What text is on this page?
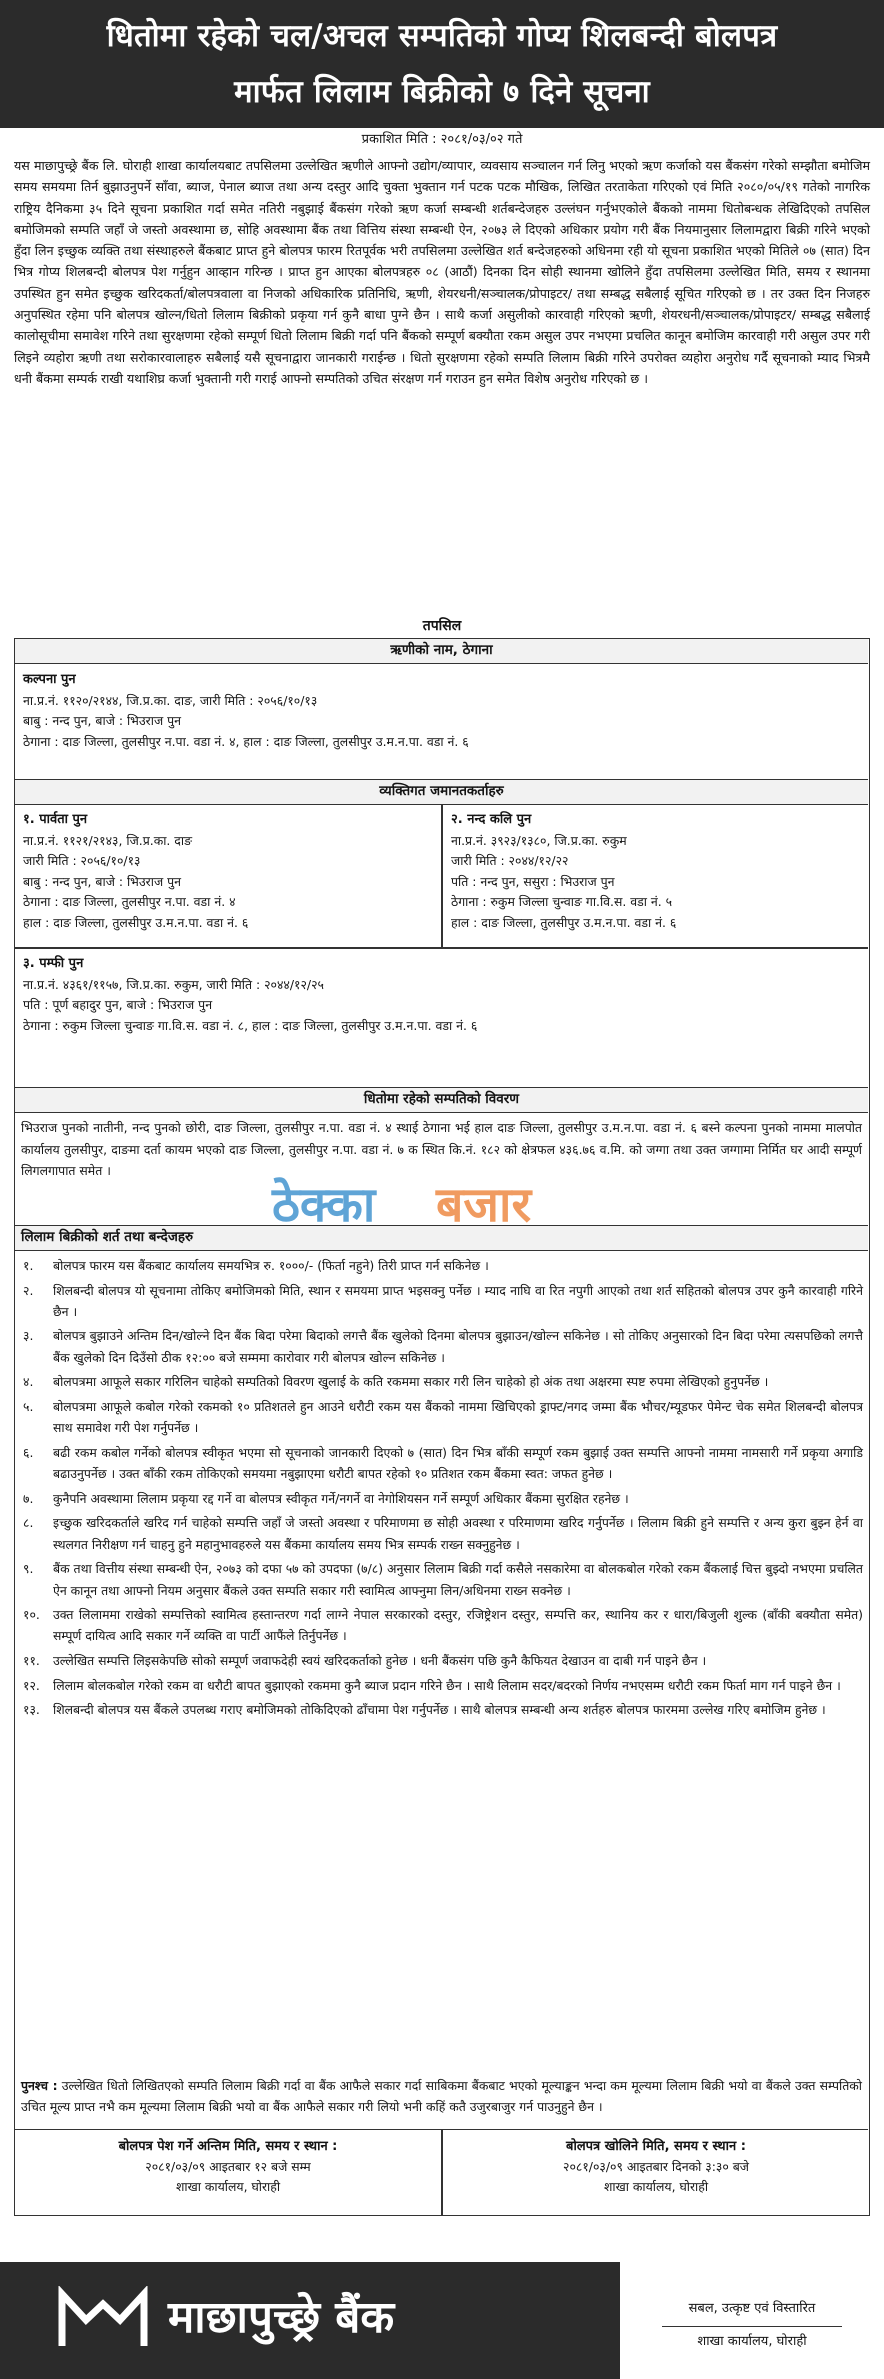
धितोमा रहेको चल/अचल सम्पतिको गोप्य शिलबन्दी बोलपत्र
मार्फत लिलाम बिक्रीको ७ दिने सूचना
प्रकाशित मिति : २०८१/०३/०२ गते

यस माछापुच्छ्रे बैंक लि. घोराही शाखा कार्यालयबाट तपसिलमा उल्लेखित ऋणीले आफ्नो उद्योग/व्यापार, व्यवसाय सञ्चालन गर्न लिनु भएको ऋण कर्जाको यस बैंकसंग गरेको सम्झौता बमोजिम समय समयमा तिर्न बुझाउनुपर्ने साँवा, ब्याज, पेनाल ब्याज तथा अन्य दस्तुर आदि चुक्ता भुक्तान गर्न पटक पटक मौखिक, लिखित तरताकेता गरिएको एवं मिति २०८०/०५/१९ गतेको नागरिक राष्ट्रिय दैनिकमा ३५ दिने सूचना प्रकाशित गर्दा समेत नतिरी नबुझाई बैंकसंग गरेको ऋण कर्जा सम्बन्धी शर्तबन्देजहरु उल्लंघन गर्नुभएकोले बैंकको नाममा धितोबन्धक लेखिदिएको तपसिल बमोजिमको सम्पति जहाँ जे जस्तो अवस्थामा छ, सोहि अवस्थामा बैंक तथा वित्तिय संस्था सम्बन्धी ऐन, २०७३ ले दिएको अधिकार प्रयोग गरी बैंक नियमानुसार लिलामद्वारा बिक्री गरिने भएको हुँदा लिन इच्छुक व्यक्ति तथा संस्थाहरुले बैंकबाट प्राप्त हुने बोलपत्र फारम रितपूर्वक भरी तपसिलमा उल्लेखित शर्त बन्देजहरुको अधिनमा रही यो सूचना प्रकाशित भएको मितिले ०७ (सात) दिन भित्र गोप्य शिलबन्दी बोलपत्र पेश गर्नुहुन आव्हान गरिन्छ । प्राप्त हुन आएका बोलपत्रहरु ०८ (आठौं) दिनका दिन सोही स्थानमा खोलिने हुँदा तपसिलमा उल्लेखित मिति, समय र स्थानमा उपस्थित हुन समेत इच्छुक खरिदकर्ता/बोलपत्रवाला वा निजको अधिकारिक प्रतिनिधि, ऋणी, शेयरधनी/सञ्चालक/प्रोपाइटर/ तथा सम्बद्ध सबैलाई सूचित गरिएको छ । तर उक्त दिन निजहरु अनुपस्थित रहेमा पनि बोलपत्र खोल्न/धितो लिलाम बिक्रीको प्रकृया गर्न कुनै बाधा पुग्ने छैन । साथै कर्जा असुलीको कारवाही गरिएको ऋणी, शेयरधनी/सञ्चालक/प्रोपाइटर/ सम्बद्ध सबैलाई कालोसूचीमा समावेश गरिने तथा सुरक्षणमा रहेको सम्पूर्ण धितो लिलाम बिक्री गर्दा पनि बैंकको सम्पूर्ण बक्यौता रकम असुल उपर नभएमा प्रचलित कानून बमोजिम कारवाही गरी असुल उपर गरी लिइने व्यहोरा ऋणी तथा सरोकारवालाहरु सबैलाई यसै सूचनाद्वारा जानकारी गराईन्छ । धितो सुरक्षणमा रहेको सम्पति लिलाम बिक्री गरिने उपरोक्त व्यहोरा अनुरोध गर्दै सूचनाको म्याद भित्रमै धनी बैंकमा सम्पर्क राखी यथाशिघ्र कर्जा भुक्तानी गरी गराई आफ्नो सम्पतिको उचित संरक्षण गर्न गराउन हुन समेत विशेष अनुरोध गरिएको छ ।

तपसिल
ऋणीको नाम, ठेगाना
कल्पना पुन
ना.प्र.नं. ११२०/२१४४, जि.प्र.का. दाङ, जारी मिति : २०५६/१०/१३
बाबु : नन्द पुन, बाजे : भिउराज पुन
ठेगाना : दाङ जिल्ला, तुलसीपुर न.पा. वडा नं. ४, हाल : दाङ जिल्ला, तुलसीपुर उ.म.न.पा. वडा नं. ६
व्यक्तिगत जमानतकर्ताहरु
१. पार्वता पुन
ना.प्र.नं. ११२१/२१४३, जि.प्र.का. दाङ
जारी मिति : २०५६/१०/१३
बाबु : नन्द पुन, बाजे : भिउराज पुन
ठेगाना : दाङ जिल्ला, तुलसीपुर न.पा. वडा नं. ४
हाल : दाङ जिल्ला, तुलसीपुर उ.म.न.पा. वडा नं. ६
२. नन्द कलि पुन
ना.प्र.नं. ३९२३/१३८०, जि.प्र.का. रुकुम
जारी मिति : २०४४/१२/२२
पति : नन्द पुन, ससुरा : भिउराज पुन
ठेगाना : रुकुम जिल्ला चुन्वाङ गा.वि.स. वडा नं. ५
हाल : दाङ जिल्ला, तुलसीपुर उ.म.न.पा. वडा नं. ६
३. पम्फी पुन
ना.प्र.नं. ४३६१/११५७, जि.प्र.का. रुकुम, जारी मिति : २०४४/१२/२५
पति : पूर्ण बहादुर पुन, बाजे : भिउराज पुन
ठेगाना : रुकुम जिल्ला चुन्वाङ गा.वि.स. वडा नं. ८, हाल : दाङ जिल्ला, तुलसीपुर उ.म.न.पा. वडा नं. ६
धितोमा रहेको सम्पतिको विवरण

भिउराज पुनको नातीनी, नन्द पुनको छोरी, दाङ जिल्ला, तुलसीपुर न.पा. वडा नं. ४ स्थाई ठेगाना भई हाल दाङ जिल्ला, तुलसीपुर उ.म.न.पा. वडा नं. ६ बस्ने कल्पना पुनको नाममा मालपोत कार्यालय तुलसीपुर, दाङमा दर्ता कायम भएको दाङ जिल्ला, तुलसीपुर न.पा. वडा नं. ७ क स्थित कि.नं. १८२ को क्षेत्रफल ४३६.७६ व.मि. को जग्गा तथा उक्त जग्गामा निर्मित घर आदी सम्पूर्ण लिगलगापात समेत ।

लिलाम बिक्रीको शर्त तथा बन्देजहरु
१.	बोलपत्र फारम यस बैंकबाट कार्यालय समयभित्र रु. १०००/- (फिर्ता नहुने) तिरी प्राप्त गर्न सकिनेछ ।
२.	शिलबन्दी बोलपत्र यो सूचनामा तोकिए बमोजिमको मिति, स्थान र समयमा प्राप्त भइसक्नु पर्नेछ । म्याद नाघि वा रित नपुगी आएको तथा शर्त सहितको बोलपत्र उपर कुनै कारवाही गरिने छैन ।
३.	बोलपत्र बुझाउने अन्तिम दिन/खोल्ने दिन बैंक बिदा परेमा बिदाको लगत्तै बैंक खुलेको दिनमा बोलपत्र बुझाउन/खोल्न सकिनेछ । सो तोकिए अनुसारको दिन बिदा परेमा त्यसपछिको लगत्तै बैंक खुलेको दिन दिउँसो ठीक १२:०० बजे सम्ममा कारोवार गरी बोलपत्र खोल्न सकिनेछ ।
४.	बोलपत्रमा आफूले सकार गरिलिन चाहेको सम्पतिको विवरण खुलाई के कति रकममा सकार गरी लिन चाहेको हो अंक तथा अक्षरमा स्पष्ट रुपमा लेखिएको हुनुपर्नेछ ।
५.	बोलपत्रमा आफूले कबोल गरेको रकमको १० प्रतिशतले हुन आउने धरौटी रकम यस बैंकको नाममा खिचिएको ड्राफ्ट/नगद जम्मा बैंक भौचर/म्यूडफर पेमेन्ट चेक समेत शिलबन्दी बोलपत्र साथ समावेश गरी पेश गर्नुपर्नेछ ।
६.	बढी रकम कबोल गर्नेको बोलपत्र स्वीकृत भएमा सो सूचनाको जानकारी दिएको ७ (सात) दिन भित्र बाँकी सम्पूर्ण रकम बुझाई उक्त सम्पत्ति आफ्नो नाममा नामसारी गर्ने प्रकृया अगाडि बढाउनुपर्नेछ । उक्त बाँकी रकम तोकिएको समयमा नबुझाएमा धरौटी बापत रहेको १० प्रतिशत रकम बैंकमा स्वत: जफत हुनेछ ।
७.	कुनैपनि अवस्थामा लिलाम प्रकृया रद्द गर्ने वा बोलपत्र स्वीकृत गर्ने/नगर्ने वा नेगोशियसन गर्ने सम्पूर्ण अधिकार बैंकमा सुरक्षित रहनेछ ।
८.	इच्छुक खरिदकर्ताले खरिद गर्न चाहेको सम्पत्ति जहाँ जे जस्तो अवस्था र परिमाणमा छ सोही अवस्था र परिमाणमा खरिद गर्नुपर्नेछ । लिलाम बिक्री हुने सम्पत्ति र अन्य कुरा बुझ्न हेर्न वा स्थलगत निरीक्षण गर्न चाहनु हुने महानुभावहरुले यस बैंकमा कार्यालय समय भित्र सम्पर्क राख्न सक्नुहुनेछ ।
९.	बैंक तथा वित्तीय संस्था सम्बन्धी ऐन, २०७३ को दफा ५७ को उपदफा (७/८) अनुसार लिलाम बिक्री गर्दा कसैले नसकारेमा वा बोलकबोल गरेको रकम बैंकलाई चित्त बुझ्दो नभएमा प्रचलित ऐन कानून तथा आफ्नो नियम अनुसार बैंकले उक्त सम्पति सकार गरी स्वामित्व आफ्नुमा लिन/अधिनमा राख्न सक्नेछ ।
१०.	उक्त लिलाममा राखेको सम्पत्तिको स्वामित्व हस्तान्तरण गर्दा लाग्ने नेपाल सरकारको दस्तुर, रजिष्ट्रेशन दस्तुर, सम्पत्ति कर, स्थानिय कर र धारा/बिजुली शुल्क (बाँकी बक्यौता समेत) सम्पूर्ण दायित्व आदि सकार गर्ने व्यक्ति वा पार्टी आफैंले तिर्नुपर्नेछ ।
११.	उल्लेखित सम्पत्ति लिइसकेपछि सोको सम्पूर्ण जवाफदेही स्वयं खरिदकर्ताको हुनेछ । धनी बैंकसंग पछि कुनै कैफियत देखाउन वा दाबी गर्न पाइने छैन ।
१२.	लिलाम बोलकबोल गरेको रकम वा धरौटी बापत बुझाएको रकममा कुनै ब्याज प्रदान गरिने छैन । साथै लिलाम सदर/बदरको निर्णय नभएसम्म धरौटी रकम फिर्ता माग गर्न पाइने छैन ।
१३.	शिलबन्दी बोलपत्र यस बैंकले उपलब्ध गराए बमोजिमको तोकिदिएको ढाँचामा पेश गर्नुपर्नेछ । साथै बोलपत्र सम्बन्धी अन्य शर्तहरु बोलपत्र फारममा उल्लेख गरिए बमोजिम हुनेछ ।

पुनश्च : उल्लेखित धितो लिखितएको सम्पति लिलाम बिक्री गर्दा वा बैंक आफैले सकार गर्दा साबिकमा बैंकबाट भएको मूल्याङ्कन भन्दा कम मूल्यमा लिलाम बिक्री भयो वा बैंकले उक्त सम्पतिको उचित मूल्य प्राप्त नभै कम मूल्यमा लिलाम बिक्री भयो वा बैंक आफैले सकार गरी लियो भनी कहिं कतै उजुरबाजुर गर्न पाउनुहुने छैन ।

बोलपत्र पेश गर्ने अन्तिम मिति, समय र स्थान :
२०८१/०३/०९ आइतबार १२ बजे सम्म
शाखा कार्यालय, घोराही
बोलपत्र खोलिने मिति, समय र स्थान :
२०८१/०३/०९ आइतबार दिनको ३:३० बजे
शाखा कार्यालय, घोराही
ठेक्का बजार
माछापुच्छ्रे बैंक	सबल, उत्कृष्ट एवं विस्तारित
शाखा कार्यालय, घोराही
